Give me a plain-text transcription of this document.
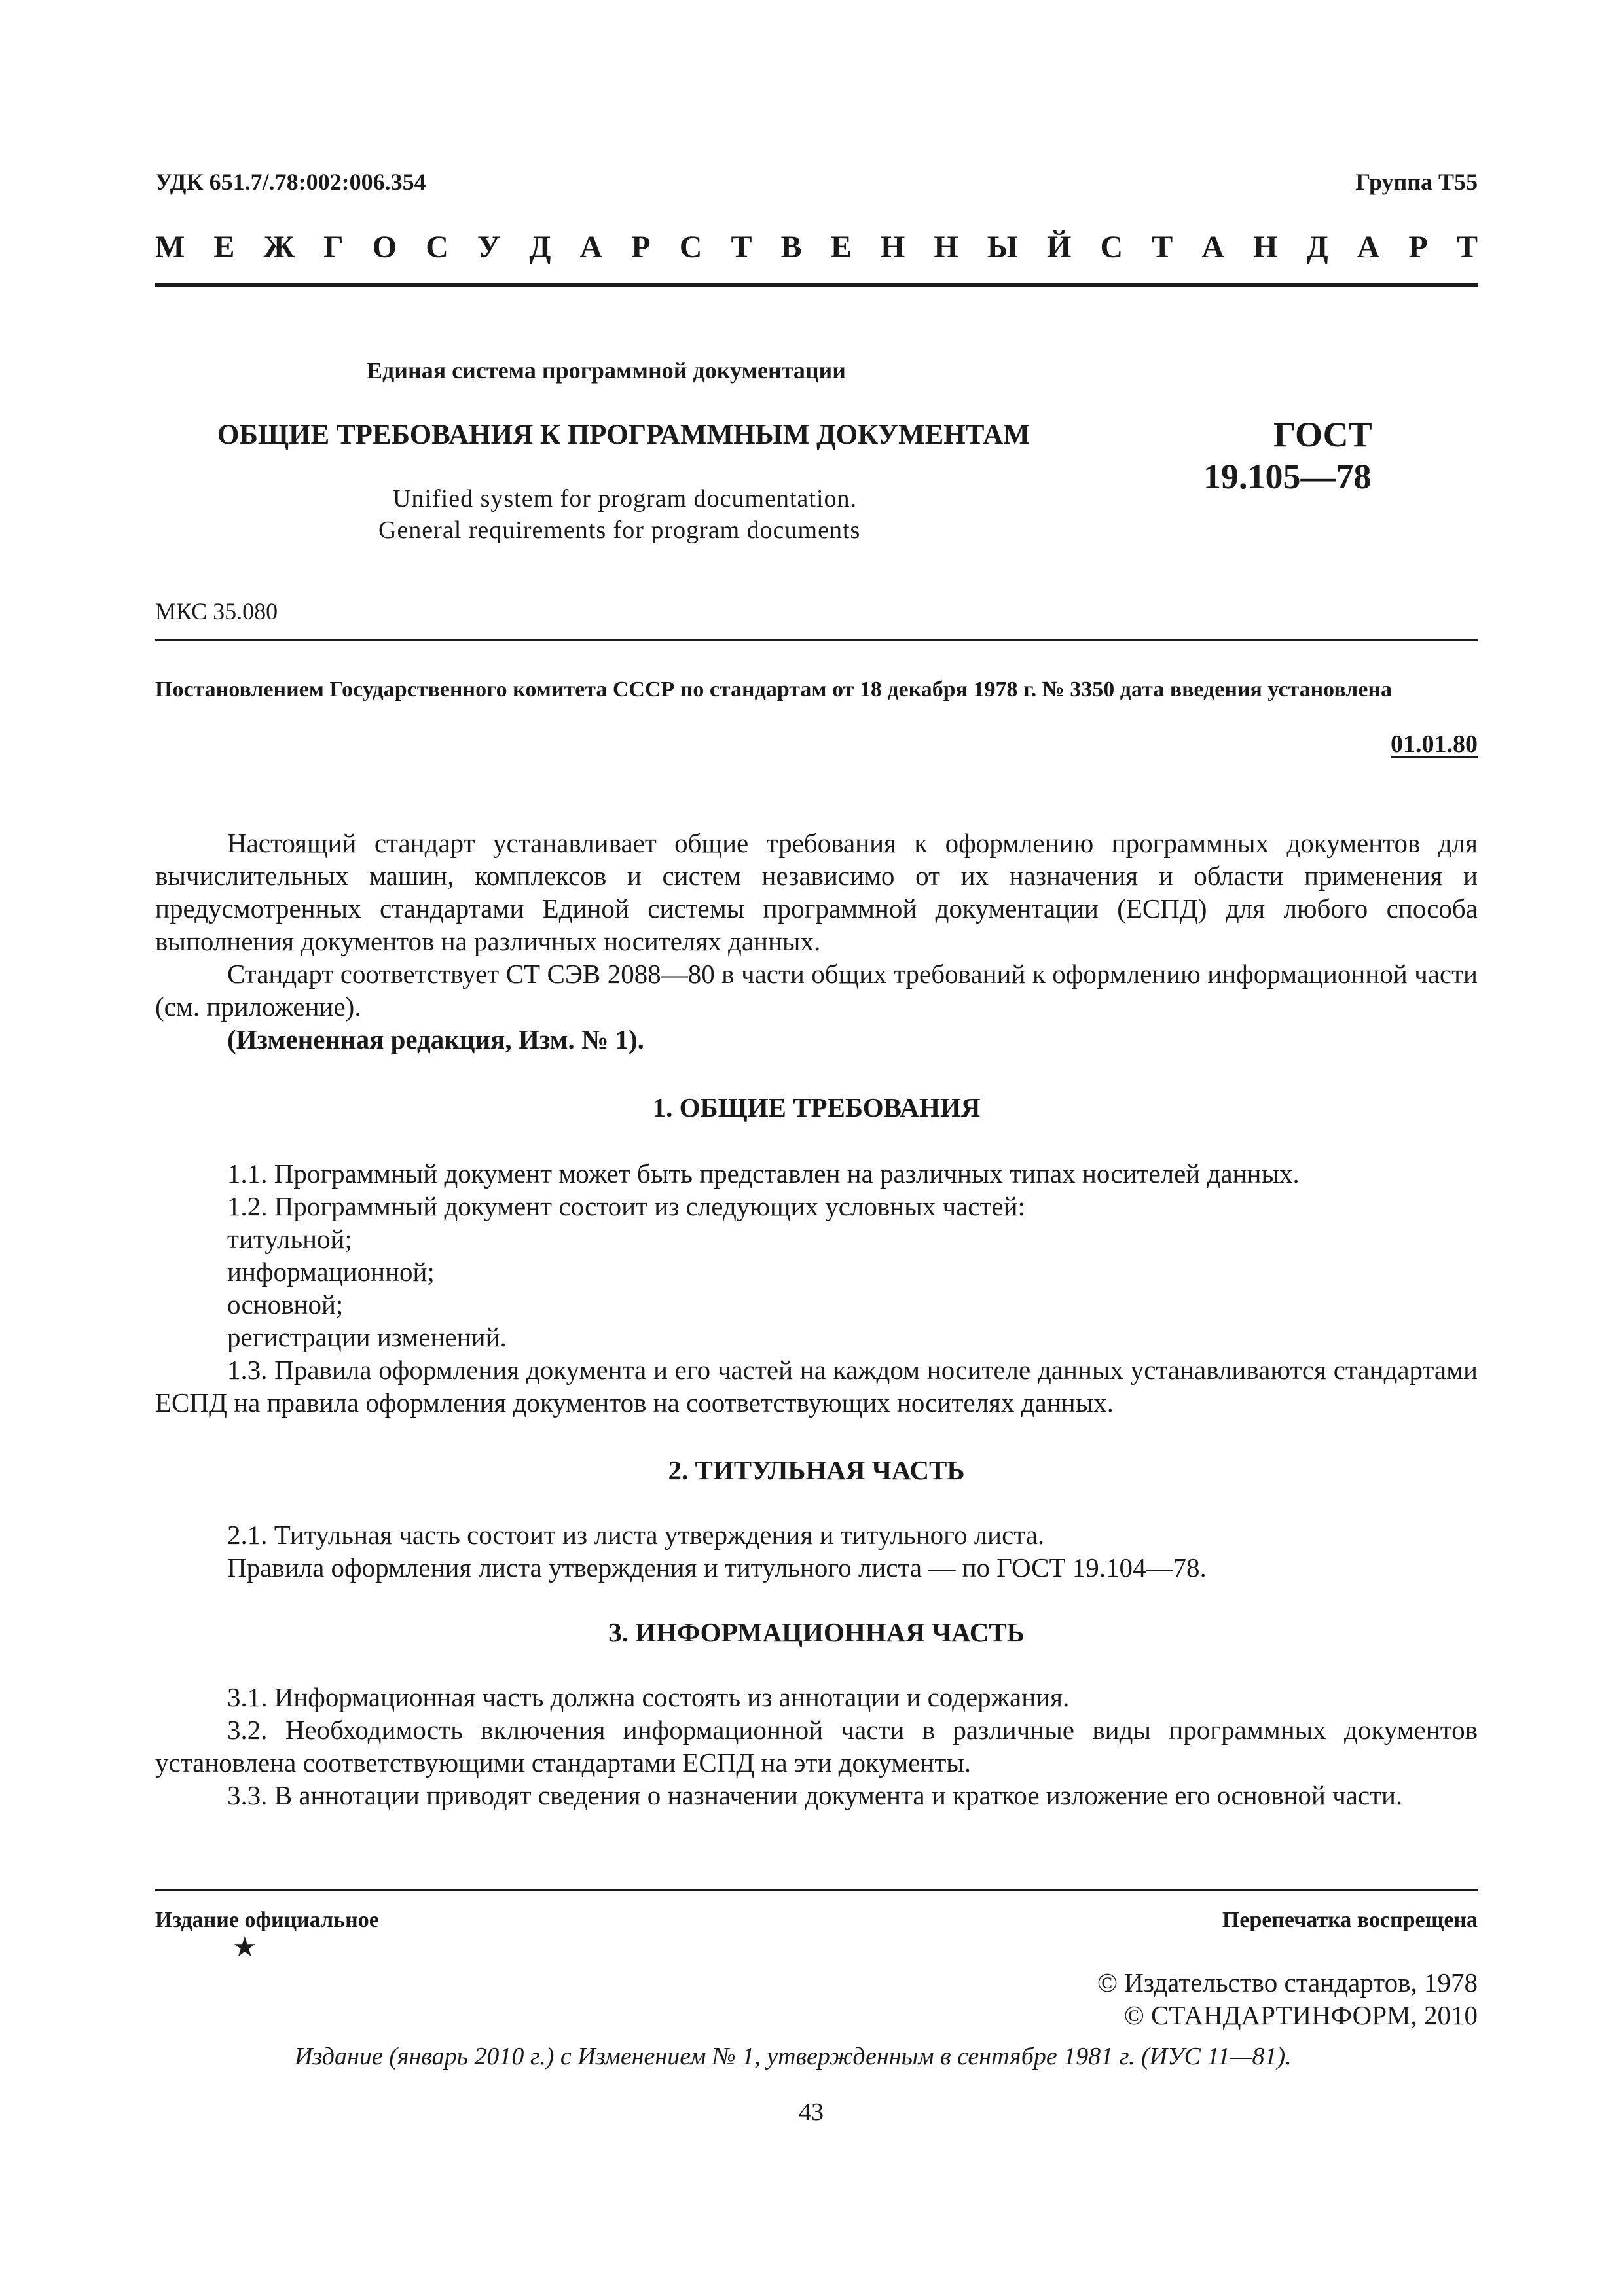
УДК 651.7/.78:002:006.354	Группа Т55
М Е Ж Г О С У Д А Р С Т В Е Н Н Ы Й С Т А Н Д А Р Т
Единая система программной документации
ОБЩИЕ ТРЕБОВАНИЯ К ПРОГРАММНЫМ ДОКУМЕНТАМ
Unified system for program documentation.
General requirements for program documents
ГОСТ
19.105—78
МКС 35.080
Постановлением Государственного комитета СССР по стандартам от 18 декабря 1978 г. № 3350 дата введения установлена
01.01.80

Настоящий стандарт устанавливает общие требования к оформлению программных документов для вычислительных машин, комплексов и систем независимо от их назначения и области применения и предусмотренных стандартами Единой системы программной документации (ЕСПД) для любого способа выполнения документов на различных носителях данных.

Стандарт соответствует СТ СЭВ 2088—80 в части общих требований к оформлению информационной части (см. приложение).

(Измененная редакция, Изм. № 1).

1. ОБЩИЕ ТРЕБОВАНИЯ

1.1. Программный документ может быть представлен на различных типах носителей данных.

1.2. Программный документ состоит из следующих условных частей:

титульной;
информационной;
основной;
регистрации изменений.

1.3. Правила оформления документа и его частей на каждом носителе данных устанавливаются стандартами ЕСПД на правила оформления документов на соответствующих носителях данных.

2. ТИТУЛЬНАЯ ЧАСТЬ

2.1. Титульная часть состоит из листа утверждения и титульного листа.

Правила оформления листа утверждения и титульного листа — по ГОСТ 19.104—78.

3. ИНФОРМАЦИОННАЯ ЧАСТЬ

3.1. Информационная часть должна состоять из аннотации и содержания.

3.2. Необходимость включения информационной части в различные виды программных документов установлена соответствующими стандартами ЕСПД на эти документы.

3.3. В аннотации приводят сведения о назначении документа и краткое изложение его основной части.

Издание официальное
★
Перепечатка воспрещена
© Издательство стандартов, 1978
© СТАНДАРТИНФОРМ, 2010
Издание (январь 2010 г.) с Изменением № 1, утвержденным в сентябре 1981 г. (ИУС 11—81).
43
